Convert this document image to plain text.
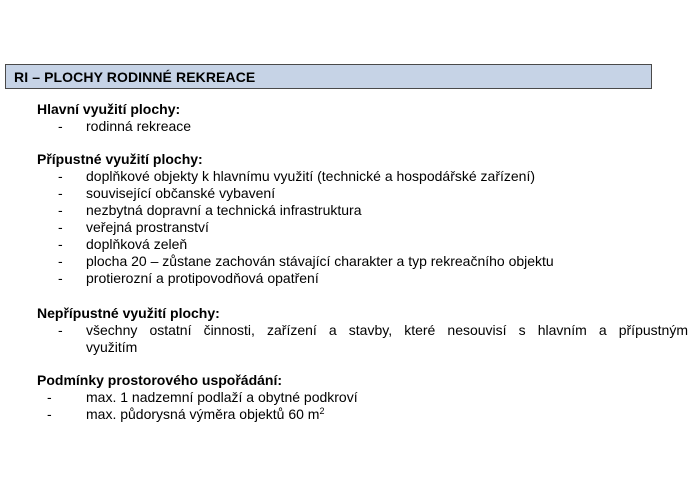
RI – PLOCHY RODINNÉ REKREACE
Hlavní využití plochy:
- rodinná rekreace
Přípustné využití plochy:
- doplňkové objekty k hlavnímu využití (technické a hospodářské zařízení)
- související občanské vybavení
- nezbytná dopravní a technická infrastruktura
- veřejná prostranství
- doplňková zeleň
- plocha 20 – zůstane zachován stávající charakter a typ rekreačního objektu
- protierozní a protipovodňová opatření
Nepřípustné využití plochy:
- všechny ostatní činnosti, zařízení a stavby, které nesouvisí s hlavním a přípustným
využitím
Podmínky prostorového uspořádání:
- max. 1 nadzemní podlaží a obytné podkroví
- max. půdorysná výměra objektů 60 $m^2$
